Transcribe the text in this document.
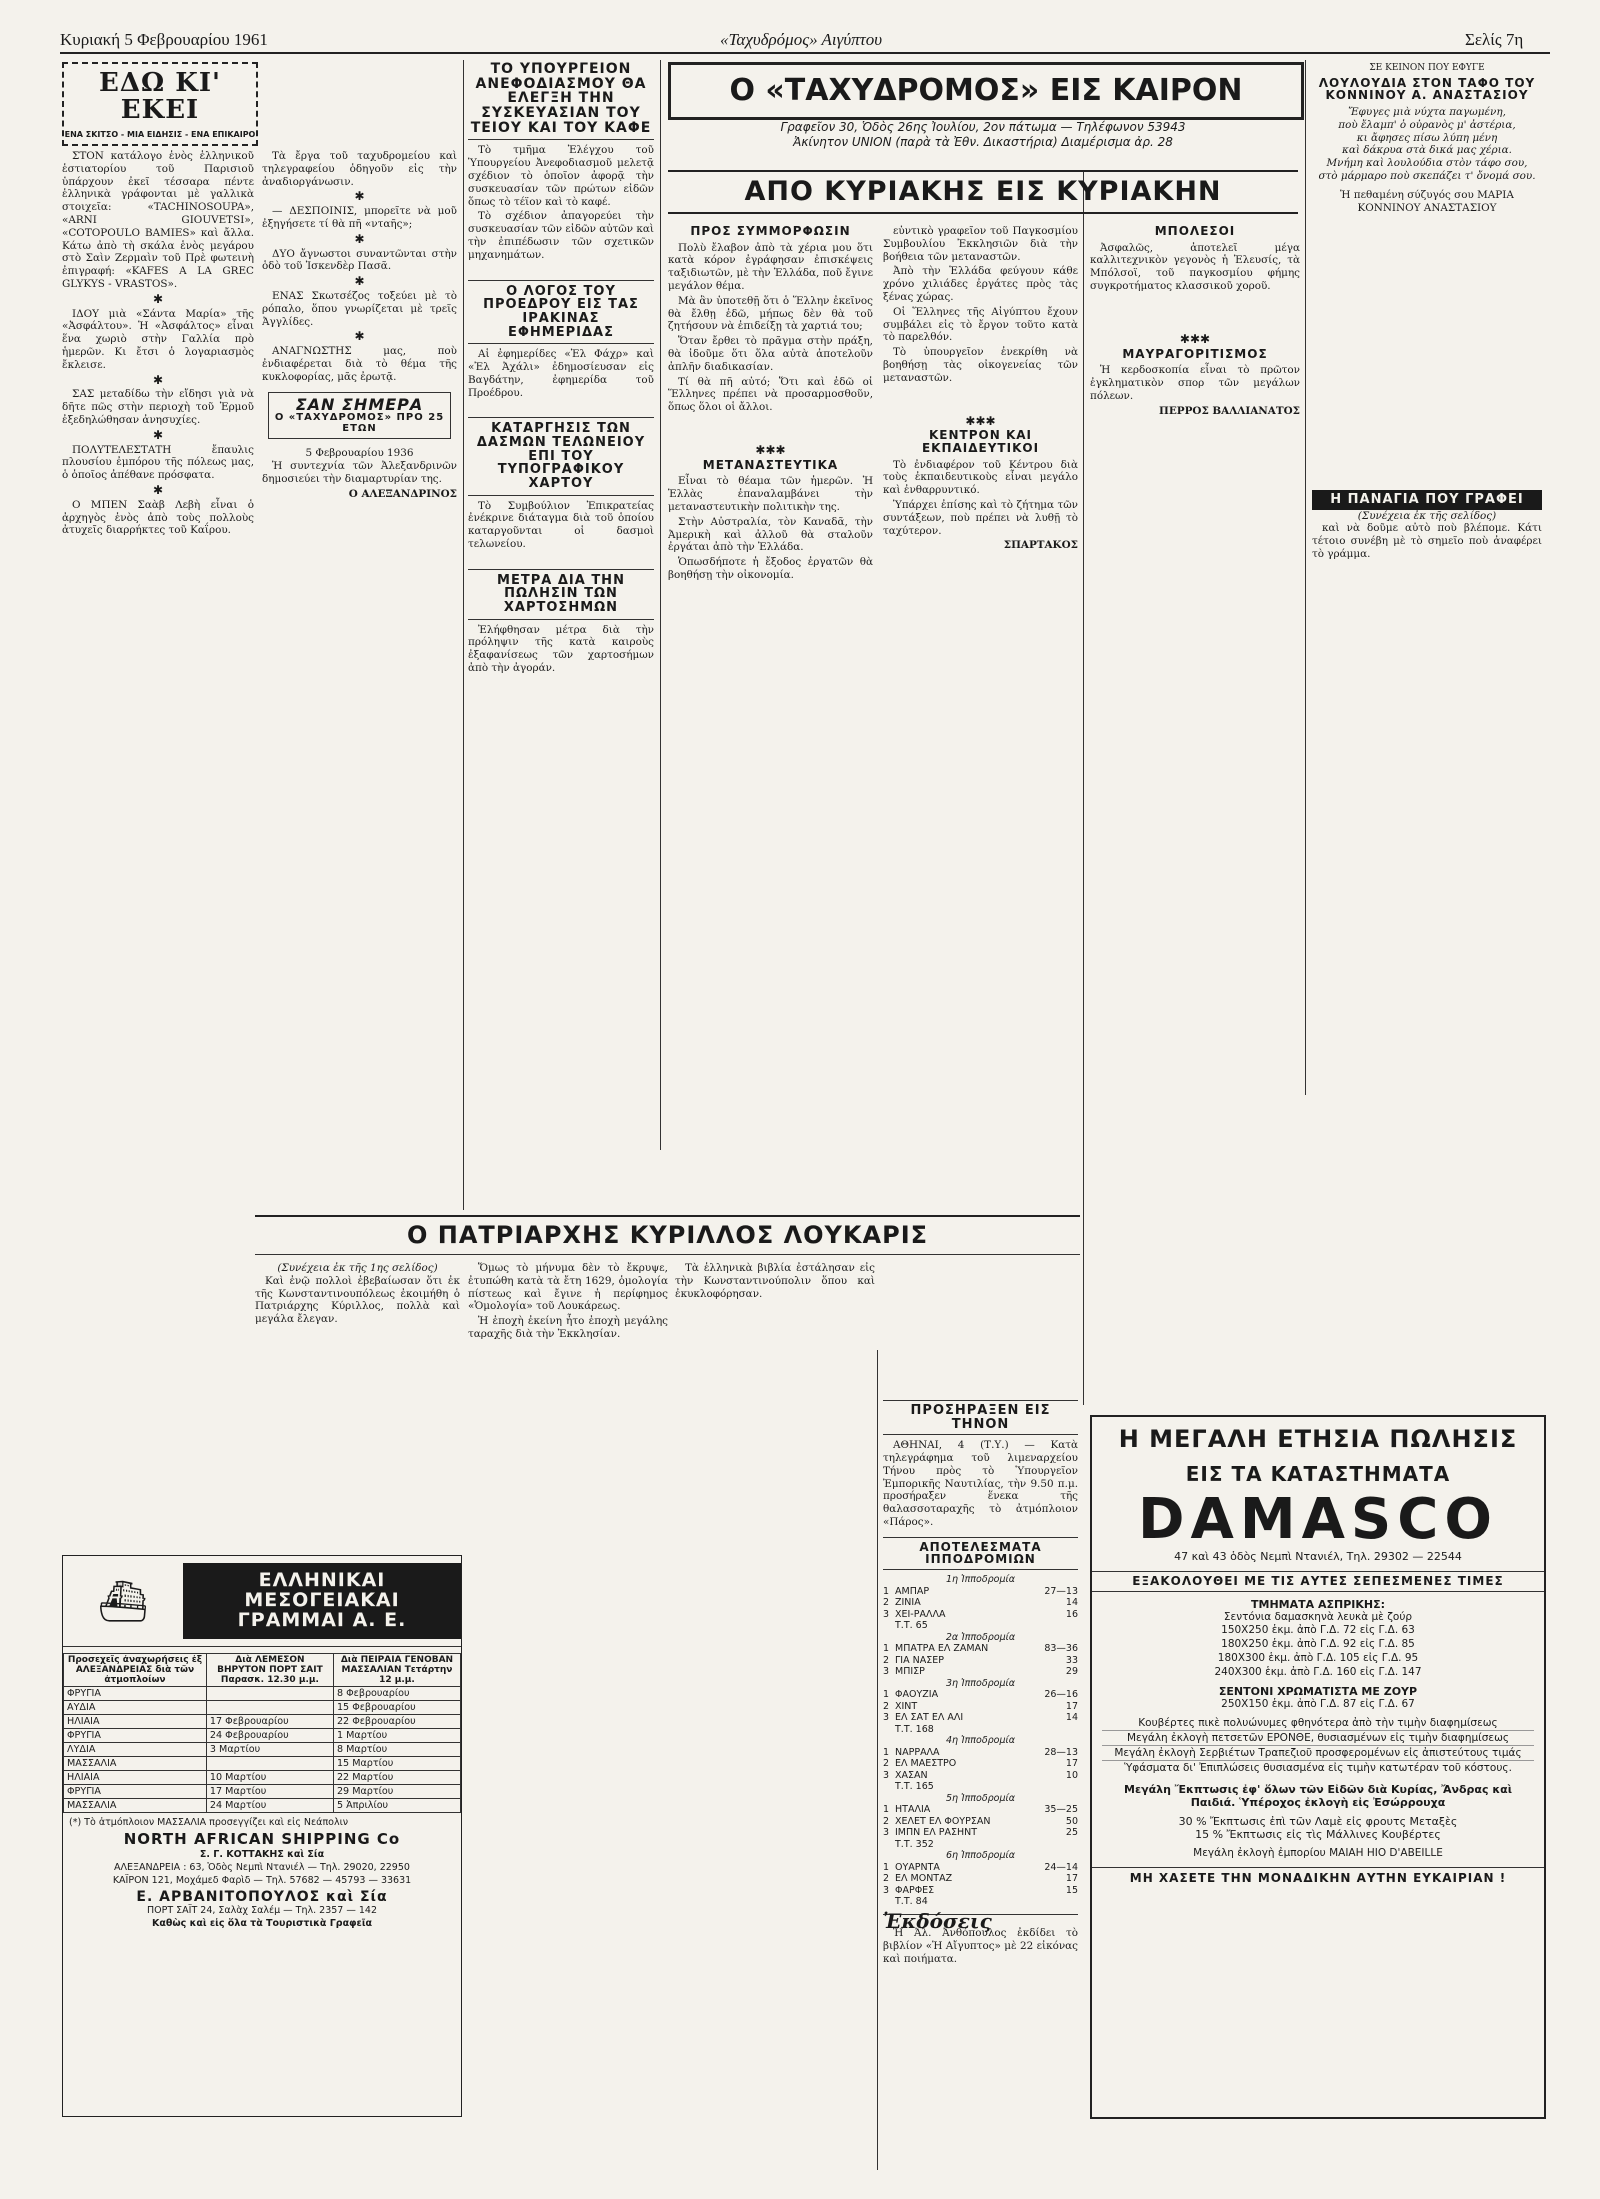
Κυριακή 5 Φεβρουαρίου 1961	«Ταχυδρόμος» Αιγύπτου	Σελίς 7η
ΕΔΩ ΚΙ' ΕΚΕΙ
ΕΝΑ ΣΚΙΤΣΟ - ΜΙΑ ΕΙΔΗΣΙΣ - ΕΝΑ ΕΠΙΚΑΙΡΟ

ΣΤΟΝ κατάλογο ἑνὸς ἑλληνικοῦ ἑστιατορίου τοῦ Παρισιοῦ ὑπάρχουν ἐκεῖ τέσσαρα πέντε ἑλληνικὰ γράφονται μὲ γαλλικὰ στοιχεῖα: «TACHINOSOUPA», «ARNI GIOUVETSI», «COTOPOULO BAMIES» καὶ ἄλλα. Κάτω ἀπὸ τὴ σκάλα ἑνὸς μεγάρου στὸ Σαὶν Ζερμαὶν τοῦ Πρὲ φωτεινὴ ἐπιγραφή: «KAFES A LA GREC GLYKYS - VRASTOS».

✱

ΙΔΟΥ μιὰ «Σάντα Μαρία» τῆς «Ἀσφάλτου». Ἡ «Ἀσφάλτος» εἶναι ἕνα χωριὸ στὴν Γαλλία πρὸ ἡμερῶν. Κι ἔτσι ὁ λογαριασμὸς ἔκλεισε.

✱

ΣΑΣ μεταδίδω τὴν εἴδησι γιὰ νὰ δῆτε πῶς στὴν περιοχὴ τοῦ Ἐρμοῦ ἐξεδηλώθησαν ἀνησυχίες.

✱

ΠΟΛΥΤΕΛΕΣΤΑΤΗ ἔπαυλις πλουσίου ἐμπόρου τῆς πόλεως μας, ὁ ὁποῖος ἀπέθανε πρόσφατα.

✱

Ο ΜΠΕΝ Σαὰβ Λεβὴ εἶναι ὁ ἀρχηγὸς ἑνὸς ἀπὸ τοὺς πολλοὺς ἀτυχεῖς διαρρήκτες τοῦ Καΐρου.

Τὰ ἔργα τοῦ ταχυδρομείου καὶ τηλεγραφείου ὁδηγοῦν εἰς τὴν ἀναδιοργάνωσιν.

✱

— ΔΕΣΠΟΙΝΙΣ, μπορεῖτε νὰ μοῦ ἐξηγήσετε τί θὰ πῆ «νταῆς»;

✱

ΔΥΟ ἄγνωστοι συναντῶνται στὴν ὁδὸ τοῦ Ἰσκενδὲρ Πασᾶ.

✱

ΕΝΑΣ Σκωτσέζος τοξεύει μὲ τὸ ρόπαλο, ὅπου γνωρίζεται μὲ τρεῖς Ἀγγλίδες.

✱

ΑΝΑΓΝΩΣΤΗΣ μας, ποὺ ἐνδιαφέρεται διὰ τὸ θέμα τῆς κυκλοφορίας, μᾶς ἐρωτᾷ.

ΣΑΝ ΣΗΜΕΡΑ
Ο «ΤΑΧΥΔΡΟΜΟΣ» ΠΡΟ 25 ΕΤΩΝ
5 Φεβρουαρίου 1936

Ἡ συντεχνία τῶν Ἀλεξανδρινῶν δημοσιεύει τὴν διαμαρτυρίαν της.

Ο ΑΛΕΞΑΝΔΡΙΝΟΣ
ΤΟ ΥΠΟΥΡΓΕΙΟΝ ΑΝΕΦΟΔΙΑΣΜΟΥ ΘΑ ΕΛΕΓΞΗ ΤΗΝ ΣΥΣΚΕΥΑΣΙΑΝ ΤΟΥ ΤΕΙΟΥ ΚΑΙ ΤΟΥ ΚΑΦΕ

Τὸ τμῆμα Ἐλέγχου τοῦ Ὑπουργείου Ἀνεφοδιασμοῦ μελετᾷ σχέδιον τὸ ὁποῖον ἀφορᾷ τὴν συσκευασίαν τῶν πρώτων εἰδῶν ὅπως τὸ τέϊον καὶ τὸ καφέ.

Τὸ σχέδιον ἀπαγορεύει τὴν συσκευασίαν τῶν εἰδῶν αὐτῶν καὶ τὴν ἐπιπέδωσιν τῶν σχετικῶν μηχανημάτων.

Ο ΛΟΓΟΣ ΤΟΥ ΠΡΟΕΔΡΟΥ ΕΙΣ ΤΑΣ ΙΡΑΚΙΝΑΣ ΕΦΗΜΕΡΙΔΑΣ

Αἱ ἐφημερίδες «Ἐλ Φάχρ» καὶ «Ἐλ Ἀχάλι» ἐδημοσίευσαν εἰς Βαγδάτην, ἐφημερίδα τοῦ Προέδρου.

ΚΑΤΑΡΓΗΣΙΣ ΤΩΝ ΔΑΣΜΩΝ ΤΕΛΩΝΕΙΟΥ ΕΠΙ ΤΟΥ ΤΥΠΟΓΡΑΦΙΚΟΥ ΧΑΡΤΟΥ

Τὸ Συμβούλιον Ἐπικρατείας ἐνέκρινε διάταγμα διὰ τοῦ ὁποίου καταργοῦνται οἱ δασμοὶ τελωνείου.

ΜΕΤΡΑ ΔΙΑ ΤΗΝ ΠΩΛΗΣΙΝ ΤΩΝ ΧΑΡΤΟΣΗΜΩΝ

Ἐλήφθησαν μέτρα διὰ τὴν πρόληψιν τῆς κατὰ καιροὺς ἐξαφανίσεως τῶν χαρτοσήμων ἀπὸ τὴν ἀγοράν.

Ο ΠΑΤΡΙΑΡΧΗΣ ΚΥΡΙΛΛΟΣ ΛΟΥΚΑΡΙΣ
(Συνέχεια ἐκ τῆς 1ης σελίδος)

Καὶ ἐνῷ πολλοὶ ἐβεβαίωσαν ὅτι ἐκ τῆς Κωνσταντινουπόλεως ἐκοιμήθη ὁ Πατριάρχης Κύριλλος, πολλὰ καὶ μεγάλα ἔλεγαν.

Ὅμως τὸ μήνυμα δὲν τὸ ἔκρυψε, ἐτυπώθη κατὰ τὰ ἔτη 1629, ὁμολογία πίστεως καὶ ἔγινε ἡ περίφημος «Ὁμολογία» τοῦ Λουκάρεως.

Ἡ ἐποχὴ ἐκείνη ἦτο ἐποχὴ μεγάλης ταραχῆς διὰ τὴν Ἐκκλησίαν.

Τὰ ἑλληνικὰ βιβλία ἐστάλησαν εἰς τὴν Κωνσταντινούπολιν ὅπου καὶ ἐκυκλοφόρησαν.

⛴	ΕΛΛΗΝΙΚΑΙ ΜΕΣΟΓΕΙΑΚΑΙ ΓΡΑΜΜΑΙ Α. Ε.
Προσεχεῖς ἀναχωρήσεις ἐξ ΑΛΕΞΑΝΔΡΕΙΑΣ διὰ τῶν ἀτμοπλοίων	Διὰ ΛΕΜΕΣΟΝ ΒΗΡΥΤΟΝ ΠΟΡΤ ΣΑΙΤ Παρασκ. 12.30 μ.μ.	Διὰ ΠΕΙΡΑΙΑ ΓΕΝΟΒΑΝ ΜΑΣΣΑΛΙΑΝ Τετάρτην 12 μ.μ.
ΦΡΥΓΙΑ		8 Φεβρουαρίου
ΑΥΔΙΑ		15 Φεβρουαρίου
ΗΛΙΑΙΑ	17 Φεβρουαρίου	22 Φεβρουαρίου
ΦΡΥΓΙΑ	24 Φεβρουαρίου	1 Μαρτίου
ΛΥΔΙΑ	3 Μαρτίου	8 Μαρτίου
ΜΑΣΣΑΛΙΑ		15 Μαρτίου
ΗΛΙΑΙΑ	10 Μαρτίου	22 Μαρτίου
ΦΡΥΓΙΑ	17 Μαρτίου	29 Μαρτίου
ΜΑΣΣΑΛΙΑ	24 Μαρτίου	5 Ἀπριλίου
(*) Τὸ ἀτμόπλοιον ΜΑΣΣΑΛΙΑ προσεγγίζει καὶ εἰς Νεάπολιν
NORTH AFRICAN SHIPPING Co
Σ. Γ. ΚΟΤΤΑΚΗΣ καὶ Σία
ΑΛΕΞΑΝΔΡΕΙΑ : 63, Ὁδὸς Νεμπὶ Ντανιέλ — Τηλ. 29020, 22950
ΚΑΪΡΟΝ 121, Μοχάμεδ Φαρὶδ — Τηλ. 57682 — 45793 — 33631
Ε. ΑΡΒΑΝΙΤΟΠΟΥΛΟΣ καὶ Σία
ΠΟΡΤ ΣΑΪΤ 24, Σαλὰχ Σαλέμ — Τηλ. 2357 — 142
Καθὼς καὶ εἰς ὅλα τὰ Τουριστικὰ Γραφεῖα
Ο «ΤΑΧΥΔΡΟΜΟΣ» ΕΙΣ ΚΑΙΡΟΝ
Γραφεῖον 30, Ὁδὸς 26ης Ἰουλίου, 2ον πάτωμα — Τηλέφωνον 53943
Ἀκίνητον UNION (παρὰ τὰ Ἐθν. Δικαστήρια) Διαμέρισμα ἀρ. 28
ΑΠΟ ΚΥΡΙΑΚΗΣ ΕΙΣ ΚΥΡΙΑΚΗΝ
ΠΡΟΣ ΣΥΜΜΟΡΦΩΣΙΝ

Πολὺ ἔλαβον ἀπὸ τὰ χέρια μου ὅτι κατὰ κόρον ἐγράφησαν ἐπισκέψεις ταξιδιωτῶν, μὲ τὴν Ἑλλάδα, ποῦ ἔγινε μεγάλον θέμα.

Μὰ ἂν ὑποτεθῇ ὅτι ὁ Ἕλλην ἐκεῖνος θὰ ἔλθῃ ἐδῶ, μήπως δὲν θὰ τοῦ ζητήσουν νὰ ἐπιδείξῃ τὰ χαρτιά του;

Ὅταν ἔρθει τὸ πρᾶγμα στὴν πράξη, θὰ ἰδοῦμε ὅτι ὅλα αὐτὰ ἀποτελοῦν ἀπλῆν διαδικασίαν.

Τί θὰ πῆ αὐτό; Ὅτι καὶ ἐδῶ οἱ Ἕλληνες πρέπει νὰ προσαρμοσθοῦν, ὅπως ὅλοι οἱ ἄλλοι.

✱✱✱
ΜΕΤΑΝΑΣΤΕΥΤΙΚΑ

Εἶναι τὸ θέαμα τῶν ἡμερῶν. Ἡ Ἑλλὰς ἐπαναλαμβάνει τὴν μεταναστευτικὴν πολιτικὴν της.

Στὴν Αὐστραλία, τὸν Καναδᾶ, τὴν Ἀμερικὴ καὶ ἀλλοῦ θὰ σταλοῦν ἐργάται ἀπὸ τὴν Ἑλλάδα.

Ὁπωσδήποτε ἡ ἔξοδος ἐργατῶν θὰ βοηθήσῃ τὴν οἰκονομία.

εὐντικὸ γραφεῖον τοῦ Παγκοσμίου Συμβουλίου Ἐκκλησιῶν διὰ τὴν βοήθεια τῶν μεταναστῶν.

Ἀπὸ τὴν Ἑλλάδα φεύγουν κάθε χρόνο χιλιάδες ἐργάτες πρὸς τὰς ξένας χώρας.

Οἱ Ἕλληνες τῆς Αἰγύπτου ἔχουν συμβάλει εἰς τὸ ἔργον τοῦτο κατὰ τὸ παρελθόν.

Τὸ ὑπουργεῖον ἐνεκρίθη νὰ βοηθήσῃ τὰς οἰκογενείας τῶν μεταναστῶν.

✱✱✱
ΚΕΝΤΡΟΝ ΚΑΙ ΕΚΠΑΙΔΕΥΤΙΚΟΙ

Τὸ ἐνδιαφέρον τοῦ Κέντρου διὰ τοὺς ἐκπαιδευτικοὺς εἶναι μεγάλο καὶ ἐνθαρρυντικό.

Ὑπάρχει ἐπίσης καὶ τὸ ζήτημα τῶν συντάξεων, ποὺ πρέπει νὰ λυθῇ τὸ ταχύτερον.

ΣΠΑΡΤΑΚΟΣ
ΠΡΟΣΗΡΑΞΕΝ ΕΙΣ ΤΗΝΟΝ

ΑΘΗΝΑΙ, 4 (Τ.Υ.) — Κατὰ τηλεγράφημα τοῦ λιμεναρχείου Τήνου πρὸς τὸ Ὑπουργεῖον Ἐμπορικῆς Ναυτιλίας, τὴν 9.50 π.μ. προσήραξεν ἕνεκα τῆς θαλασσοταραχῆς τὸ ἀτμόπλοιον «Πάρος».

ΑΠΟΤΕΛΕΣΜΑΤΑ ΙΠΠΟΔΡΟΜΙΩΝ
1η Ἱπποδρομία
1 ΑΜΠΑΡ	27—13
2 ΖΙΝΙΑ	14
3 ΧΕΙ-ΡΑΛΛΑ	16
Τ.Τ. 65
2α Ἱπποδρομία
1 ΜΠΑΤΡΑ ΕΛ ΖΑΜΑΝ	83—36
2 ΓΙΑ ΝΑΣΕΡ	33
3 ΜΠΙΣΡ	29
3η Ἱπποδρομία
1 ΦΑΟΥΖΙΑ	26—16
2 ΧΙΝΤ	17
3 ΕΛ ΣΑΤ ΕΛ ΑΛΙ	14
Τ.Τ. 168
4η Ἱπποδρομία
1 ΝΑΡΡΑΛΑ	28—13
2 ΕΛ ΜΑΕΣΤΡΟ	17
3 ΧΑΣΑΝ	10
Τ.Τ. 165
5η Ἱπποδρομία
1 ΗΤΑΛΙΑ	35—25
2 ΧΕΛΕΤ ΕΛ ΦΟΥΡΣΑΝ	50
3 ΙΜΠΝ ΕΛ ΡΑΣΗΝΤ	25
Τ.Τ. 352
6η Ἱπποδρομία
1 ΟΥΑΡΝΤΑ	24—14
2 ΕΛ ΜΟΝΤΑΖ	17
3 ΦΑΡΦΕΣ	15
Τ.Τ. 84
Ἐκδόσεις

Ἡ Ἀλ. Ἀνθόπουλος ἐκδίδει τὸ βιβλίον «Ἡ Αἴγυπτος» μὲ 22 εἰκόνας καὶ ποιήματα.

ΣΕ ΚΕΙΝΟΝ ΠΟΥ ΕΦΥΓΕ
ΛΟΥΛΟΥΔΙΑ ΣΤΟΝ ΤΑΦΟ ΤΟΥ ΚΟΝΝΙΝΟΥ Α. ΑΝΑΣΤΑΣΙΟΥ
Ἔφυγες μιὰ νύχτα παγωμένη,
ποὺ ἔλαμπ' ὁ οὐρανὸς μ' ἀστέρια,
κι ἄφησες πίσω λύπη μένη
καὶ δάκρυα στὰ δικά μας χέρια.
Μνήμη καὶ λουλούδια στὸν τάφο σου,
στὸ μάρμαρο ποὺ σκεπάζει τ' ὄνομά σου.
Ἡ πεθαμένη σύζυγός σου ΜΑΡΙΑ ΚΟΝΝΙΝΟΥ ΑΝΑΣΤΑΣΙΟΥ
Η ΠΑΝΑΓΙΑ ΠΟΥ ΓΡΑΦΕΙ
(Συνέχεια ἐκ τῆς σελίδος)

καὶ νὰ δοῦμε αὐτὸ ποὺ βλέπομε. Κάτι τέτοιο συνέβη μὲ τὸ σημεῖο ποὺ ἀναφέρει τὸ γράμμα.

ΜΠΟΛΕΣΟΙ

Ἀσφαλῶς, ἀποτελεῖ μέγα καλλιτεχνικὸν γεγονὸς ἡ Ἐλευσίς, τὰ Μπόλσοϊ, τοῦ παγκοσμίου φήμης συγκροτήματος κλασσικοῦ χοροῦ.

✱✱✱
ΜΑΥΡΑΓΟΡΙΤΙΣΜΟΣ

Ἡ κερδοσκοπία εἶναι τὸ πρῶτον ἐγκληματικὸν σπορ τῶν μεγάλων πόλεων.

ΠΕΡΡΟΣ ΒΑΛΛΙΑΝΑΤΟΣ
Η ΜΕΓΑΛΗ ΕΤΗΣΙΑ ΠΩΛΗΣΙΣ
ΕΙΣ ΤΑ ΚΑΤΑΣΤΗΜΑΤΑ
DAMASCO
47 καὶ 43 ὁδὸς Νεμπὶ Ντανιέλ, Τηλ. 29302 — 22544
ΕΞΑΚΟΛΟΥΘΕΙ ΜΕ ΤΙΣ ΑΥΤΕΣ ΣΕΠΕΣΜΕΝΕΣ ΤΙΜΕΣ
ΤΜΗΜΑΤΑ ΑΣΠΡΙΚΗΣ:
Σεντόνια δαμασκηνὰ λευκὰ μὲ ζούρ
150X250 ἑκμ. ἀπὸ Γ.Δ. 72 εἰς Γ.Δ. 63
180X250 ἑκμ. ἀπὸ Γ.Δ. 92 εἰς Γ.Δ. 85
180X300 ἑκμ. ἀπὸ Γ.Δ. 105 εἰς Γ.Δ. 95
240X300 ἑκμ. ἀπὸ Γ.Δ. 160 εἰς Γ.Δ. 147
ΣΕΝΤΟΝΙ ΧΡΩΜΑΤΙΣΤΑ ΜΕ ΖΟΥΡ
250X150 ἑκμ. ἀπὸ Γ.Δ. 87 εἰς Γ.Δ. 67
Κουβέρτες πικὲ πολυώνυμες φθηνότερα ἀπὸ τὴν τιμὴν διαφημίσεως
Μεγάλη ἐκλογὴ πετσετῶν ΕΡΟΝΘΕ, θυσιασμένων εἰς τιμὴν διαφημίσεως
Μεγάλη ἐκλογὴ Σερβιέτων Τραπεζιοῦ προσφερομένων εἰς ἀπιστεύτους τιμάς
Ὑφάσματα δι' Ἐπιπλώσεις θυσιασμένα εἰς τιμὴν κατωτέραν τοῦ κόστους.
Μεγάλη Ἔκπτωσις ἐφ' ὅλων τῶν Εἰδῶν διὰ Κυρίας, Ἄνδρας καὶ Παιδιά. Ὑπέροχος ἐκλογὴ εἰς Ἐσώρρουχα
30 % Ἔκπτωσις ἐπὶ τῶν Λαμὲ εἰς φρουτς Μεταξὲς
15 % Ἔκπτωσις εἰς τὶς Μάλλινες Κουβέρτες
Μεγάλη ἐκλογὴ ἐμπορίου ΜΑΙΑΗ ΗΙΟ D'ABEILLE
ΜΗ ΧΑΣΕΤΕ ΤΗΝ ΜΟΝΑΔΙΚΗΝ ΑΥΤΗΝ ΕΥΚΑΙΡΙΑΝ !
